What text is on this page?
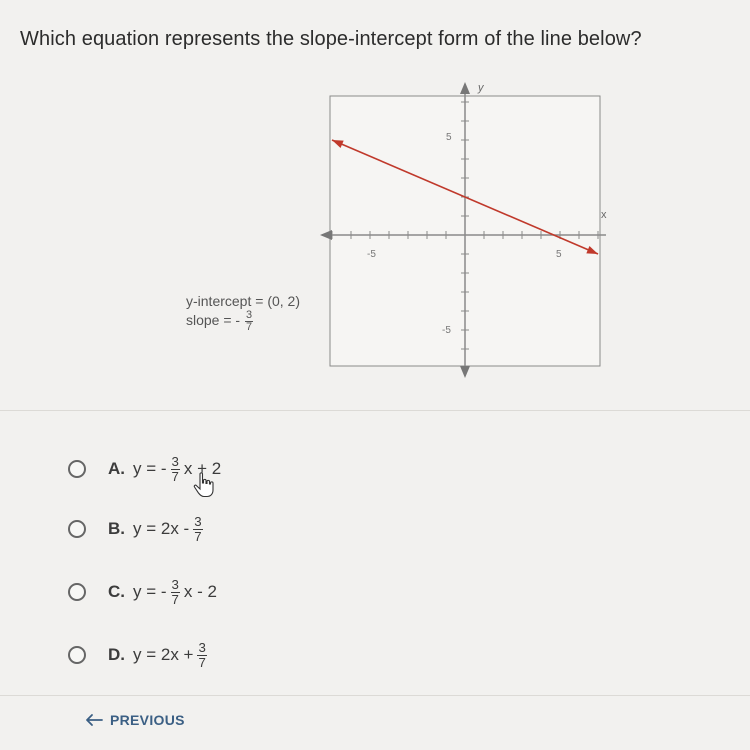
Which equation represents the slope-intercept form of the line below?
y
x
-5	5
5
-5
y-intercept = (0, 2)
slope = - $\frac{3}{7}$
A. y = - $\frac{3}{7}$ x + 2
B. $y = 2x - \frac{3}{7}$
C. y = - $\frac{3}{7}$ x - 2
D. $y = 2x + \frac{3}{7}$
PREVIOUS
